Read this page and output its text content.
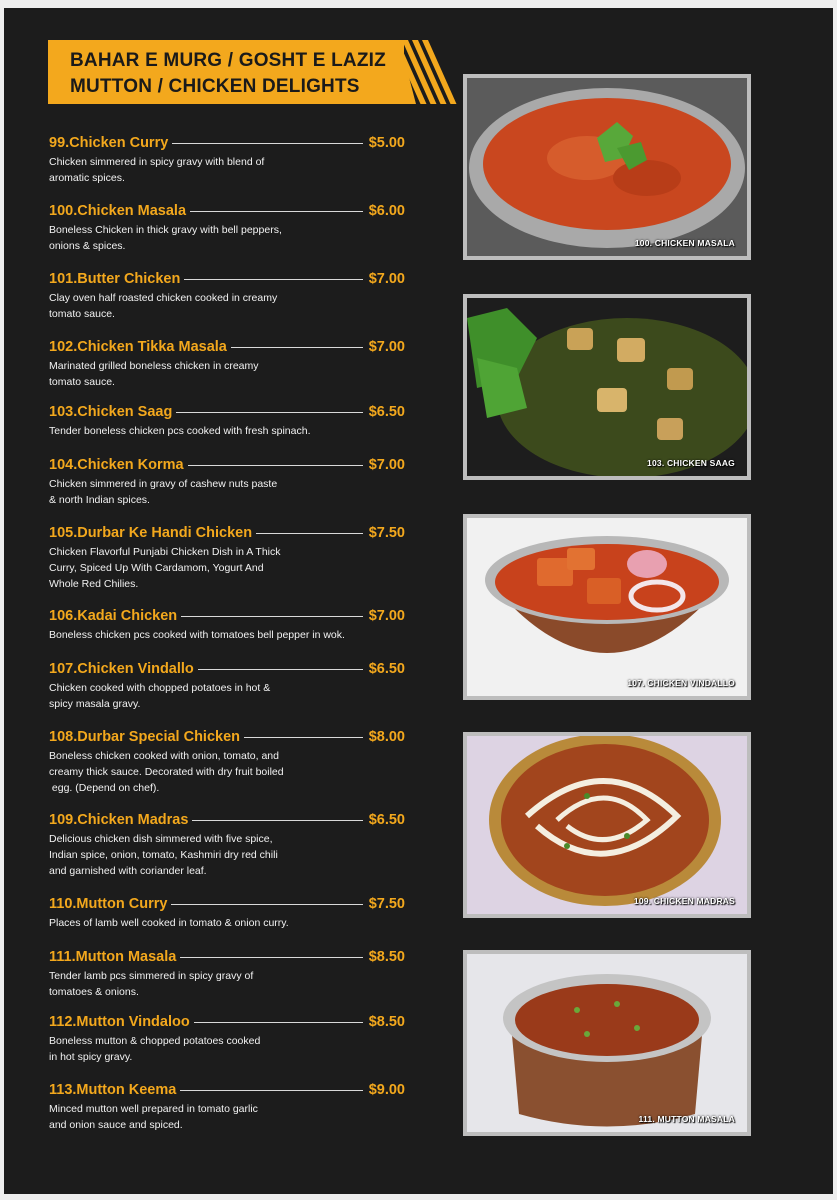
BAHAR E MURG / GOSHT E LAZIZ
MUTTON / CHICKEN DELIGHTS
99.Chicken Curry	$5.00
Chicken simmered in spicy gravy with blend of
aromatic spices.
100.Chicken Masala	$6.00
Boneless Chicken in thick gravy with bell peppers,
onions & spices.
101.Butter Chicken	$7.00
Clay oven half roasted chicken cooked in creamy
tomato sauce.
102.Chicken Tikka Masala	$7.00
Marinated grilled boneless chicken in creamy
tomato sauce.
103.Chicken Saag	$6.50
Tender boneless chicken pcs cooked with fresh spinach.
104.Chicken Korma	$7.00
Chicken simmered in gravy of cashew nuts paste
& north Indian spices.
105.Durbar Ke Handi Chicken	$7.50
Chicken Flavorful Punjabi Chicken Dish in A Thick
Curry, Spiced Up With Cardamom, Yogurt And
Whole Red Chilies.
106.Kadai Chicken	$7.00
Boneless chicken pcs cooked with tomatoes bell pepper in wok.
107.Chicken Vindallo	$6.50
Chicken cooked with chopped potatoes in hot &
spicy masala gravy.
108.Durbar Special Chicken	$8.00
Boneless chicken cooked with onion, tomato, and
creamy thick sauce. Decorated with dry fruit boiled
egg. (Depend on chef).
109.Chicken Madras	$6.50
Delicious chicken dish simmered with five spice,
Indian spice, onion, tomato, Kashmiri dry red chili
and garnished with coriander leaf.
110.Mutton Curry	$7.50
Places of lamb well cooked in tomato & onion curry.
111.Mutton Masala	$8.50
Tender lamb pcs simmered in spicy gravy of
tomatoes & onions.
112.Mutton Vindaloo	$8.50
Boneless mutton & chopped potatoes cooked
in hot spicy gravy.
113.Mutton Keema	$9.00
Minced mutton well prepared in tomato garlic
and onion sauce and spiced.
100. CHICKEN MASALA
103. CHICKEN SAAG
107. CHICKEN VINDALLO
109. CHICKEN MADRAS
111. MUTTON MASALA
